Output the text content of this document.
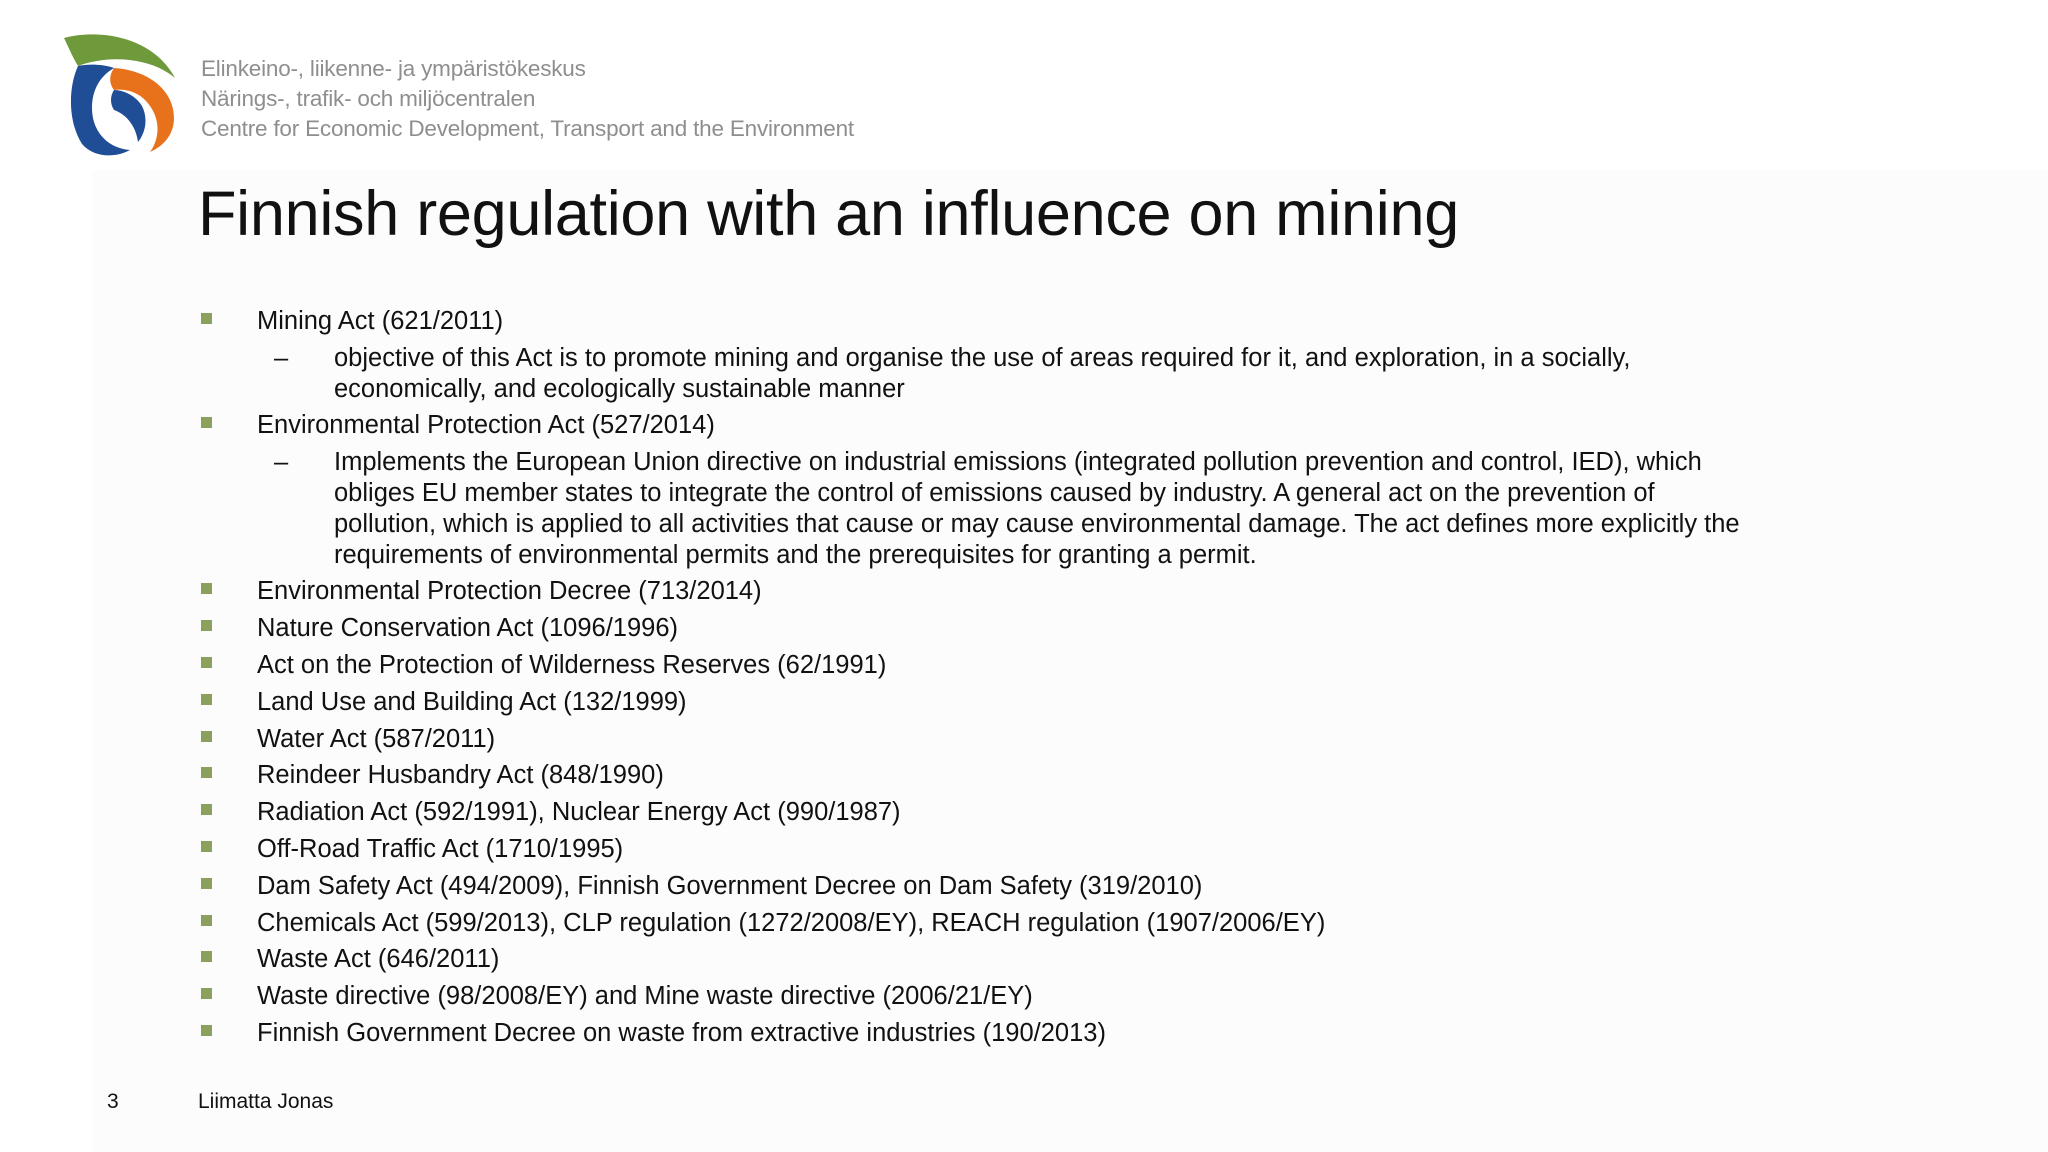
Elinkeino-, liikenne- ja ympäristökeskus
Närings-, trafik- och miljöcentralen
Centre for Economic Development, Transport and the Environment
Finnish regulation with an influence on mining
Mining Act (621/2011)
– objective of this Act is to promote mining and organise the use of areas required for it, and exploration, in a socially, economically, and ecologically sustainable manner
Environmental Protection Act (527/2014)
– Implements the European Union directive on industrial emissions (integrated pollution prevention and control, IED), which obliges EU member states to integrate the control of emissions caused by industry. A general act on the prevention of pollution, which is applied to all activities that cause or may cause environmental damage. The act defines more explicitly the requirements of environmental permits and the prerequisites for granting a permit.
Environmental Protection Decree (713/2014)
Nature Conservation Act (1096/1996)
Act on the Protection of Wilderness Reserves (62/1991)
Land Use and Building Act (132/1999)
Water Act (587/2011)
Reindeer Husbandry Act (848/1990)
Radiation Act (592/1991), Nuclear Energy Act (990/1987)
Off-Road Traffic Act (1710/1995)
Dam Safety Act (494/2009), Finnish Government Decree on Dam Safety (319/2010)
Chemicals Act (599/2013), CLP regulation (1272/2008/EY), REACH regulation (1907/2006/EY)
Waste Act (646/2011)
Waste directive (98/2008/EY) and Mine waste directive (2006/21/EY)
Finnish Government Decree on waste from extractive industries (190/2013)
3	Liimatta Jonas
